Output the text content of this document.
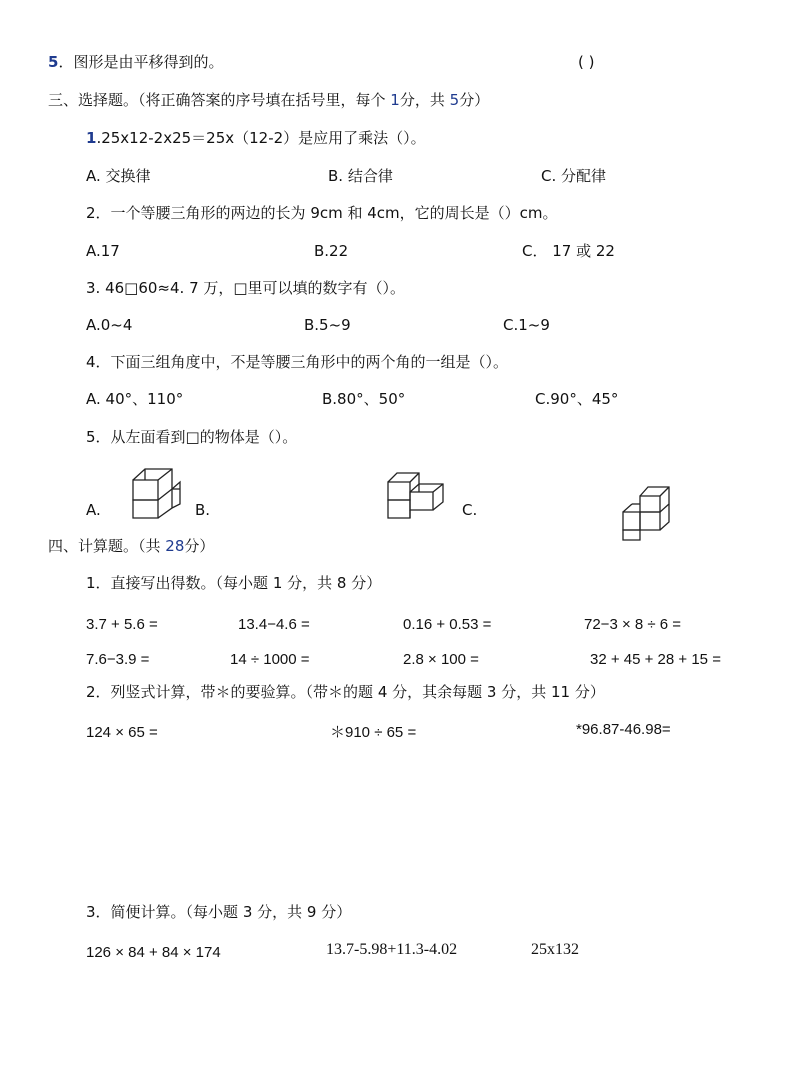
5．图形是由平移得到的。	( )
三、选择题。（将正确答案的序号填在括号里，每个 1分，共 5分）
1.25x12-2x25＝25x（12-2）是应用了乘法（）。
A. 交换律	B. 结合律	C. 分配律
2．一个等腰三角形的两边的长为 9cm 和 4cm，它的周长是（）cm。
A.17	B.22	C． 17 或 22
3. 46□60≈4. 7 万，□里可以填的数字有（）。
A.0~4	B.5~9	C.1~9
4．下面三组角度中，不是等腰三角形中的两个角的一组是（）。
A. 40°、110°	B.80°、50°	C.90°、45°
5．从左面看到□的物体是（）。
A.	B.	C.
四、计算题。（共 28分）
1．直接写出得数。（每小题 1 分，共 8 分）
3.7 + 5.6 =	13.4−4.6 =	0.16 + 0.53 =	72−3 × 8 ÷ 6 =
7.6−3.9 =	14 ÷ 1000 =	2.8 × 100 =	32 + 45 + 28 + 15 =
2．列竖式计算，带＊的要验算。（带＊的题 4 分，其余每题 3 分，共 11 分）
124 × 65 =	＊910 ÷ 65 =	*96.87-46.98=
3．简便计算。（每小题 3 分，共 9 分）
126 × 84 + 84 × 174	13.7-5.98+11.3-4.02	25x132
